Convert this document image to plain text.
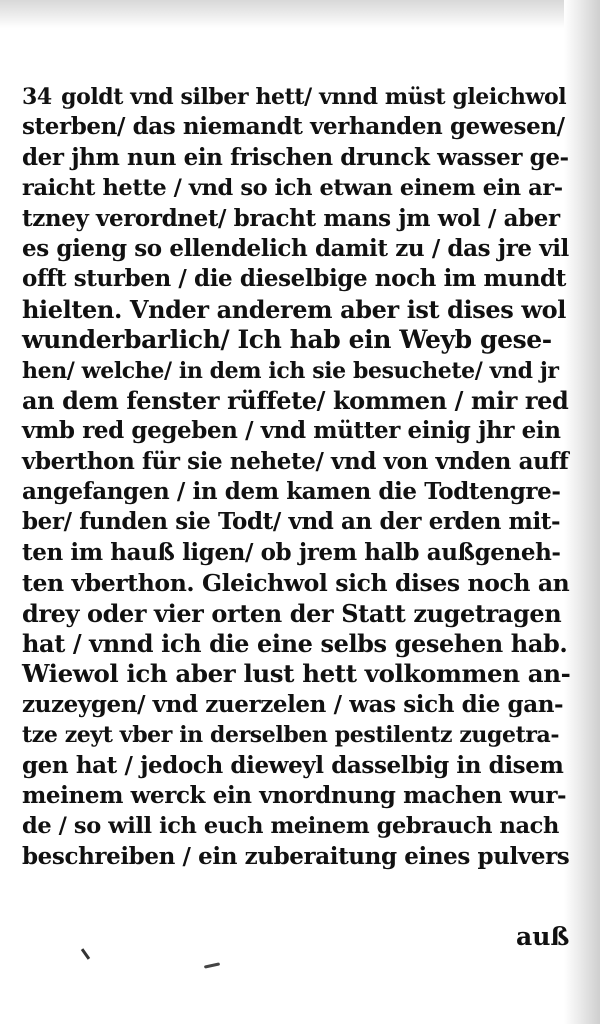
34 goldt vnd silber hett/ vnnd müst gleichwol
sterben/ das niemandt verhanden gewesen/
der jhm nun ein frischen drunck wasser ge-
raicht hette / vnd so ich etwan einem ein ar-
tzney verordnet/ bracht mans jm wol / aber
es gieng so ellendelich damit zu / das jre vil
offt sturben / die dieselbige noch im mundt
hielten. Vnder anderem aber ist dises wol
wunderbarlich/ Ich hab ein Weyb gese-
hen/ welche/ in dem ich sie besuchete/ vnd jr
an dem fenster rüffete/ kommen / mir red
vmb red gegeben / vnd mütter einig jhr ein
vberthon für sie nehete/ vnd von vnden auff
angefangen / in dem kamen die Todtengre-
ber/ funden sie Todt/ vnd an der erden mit-
ten im hauß ligen/ ob jrem halb außgeneh-
ten vberthon. Gleichwol sich dises noch an
drey oder vier orten der Statt zugetragen
hat / vnnd ich die eine selbs gesehen hab.
Wiewol ich aber lust hett volkommen an-
zuzeygen/ vnd zuerzelen / was sich die gan-
tze zeyt vber in derselben pestilentz zugetra-
gen hat / jedoch dieweyl dasselbig in disem
meinem werck ein vnordnung machen wur-
de / so will ich euch meinem gebrauch nach
beschreiben / ein zuberaitung eines pulvers
auß
